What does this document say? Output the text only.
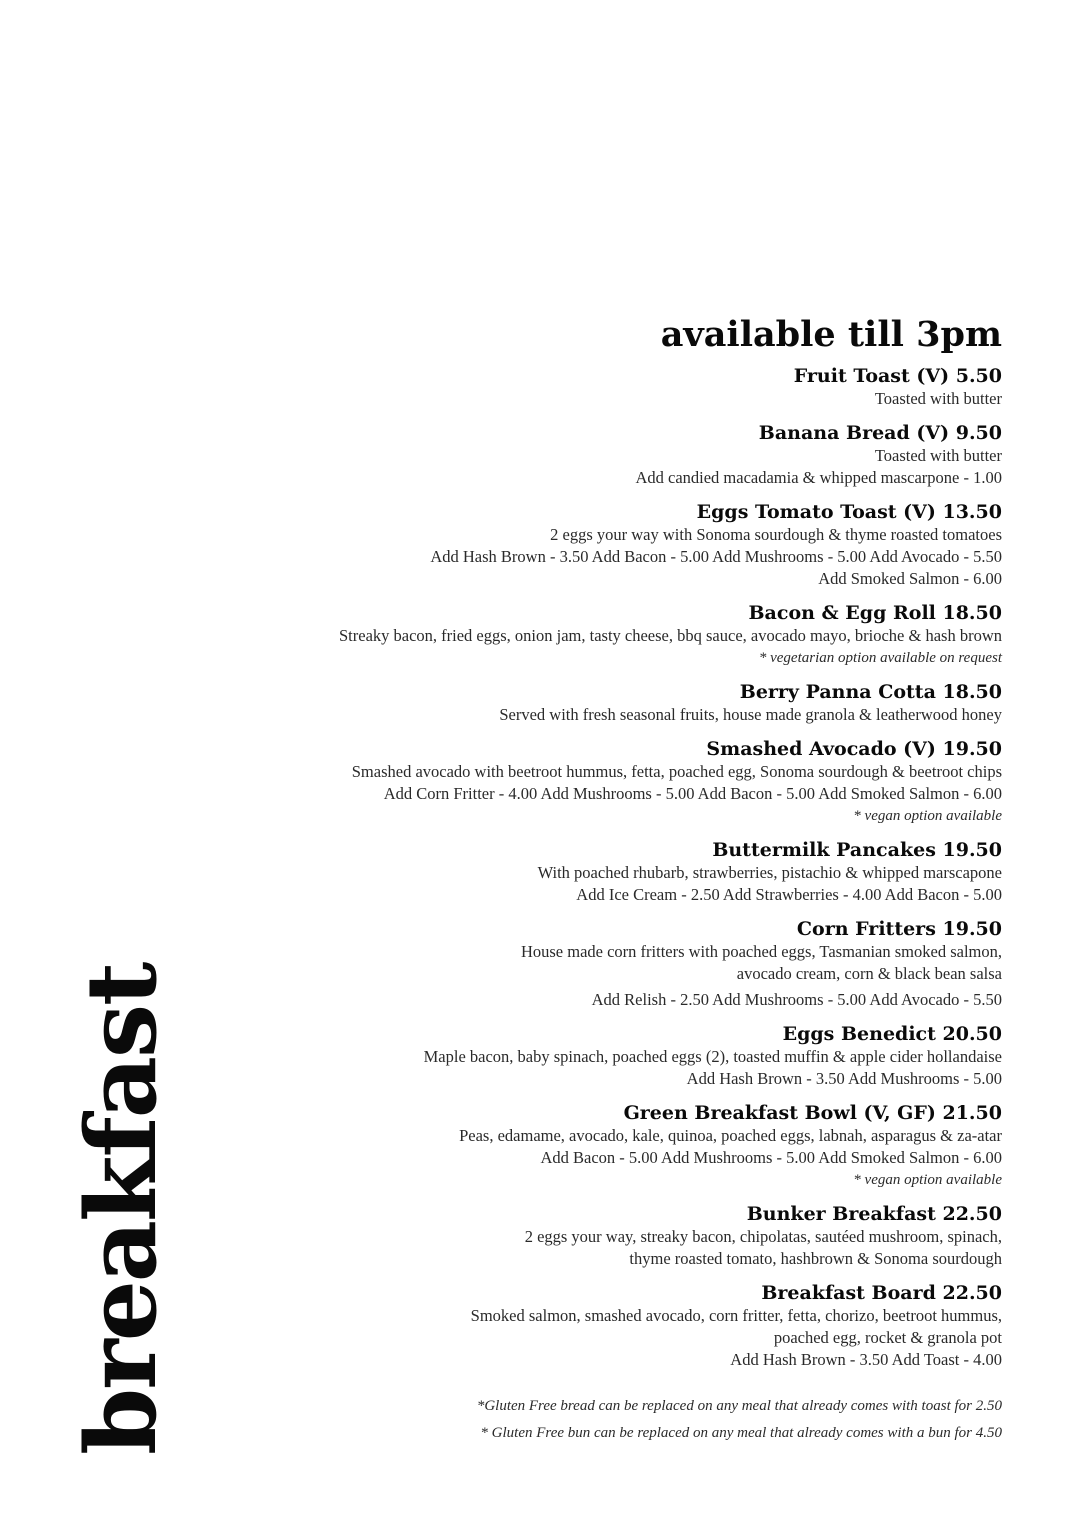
breakfast
available till 3pm
Fruit Toast (V) 5.50
Toasted with butter
Banana Bread (V) 9.50
Toasted with butter
Add candied macadamia & whipped mascarpone - 1.00
Eggs Tomato Toast (V) 13.50
2 eggs your way with Sonoma sourdough & thyme roasted tomatoes
Add Hash Brown - 3.50 Add Bacon - 5.00 Add Mushrooms - 5.00 Add Avocado - 5.50
Add Smoked Salmon - 6.00
Bacon & Egg Roll 18.50
Streaky bacon, fried eggs, onion jam, tasty cheese, bbq sauce, avocado mayo, brioche & hash brown
* vegetarian option available on request
Berry Panna Cotta 18.50
Served with fresh seasonal fruits, house made granola & leatherwood honey
Smashed Avocado (V) 19.50
Smashed avocado with beetroot hummus, fetta, poached egg, Sonoma sourdough & beetroot chips
Add Corn Fritter - 4.00 Add Mushrooms - 5.00 Add Bacon - 5.00 Add Smoked Salmon - 6.00
* vegan option available
Buttermilk Pancakes 19.50
With poached rhubarb, strawberries, pistachio & whipped marscapone
Add Ice Cream - 2.50 Add Strawberries - 4.00 Add Bacon - 5.00
Corn Fritters 19.50
House made corn fritters with poached eggs, Tasmanian smoked salmon,
avocado cream, corn & black bean salsa
Add Relish - 2.50 Add Mushrooms - 5.00 Add Avocado - 5.50
Eggs Benedict 20.50
Maple bacon, baby spinach, poached eggs (2), toasted muffin & apple cider hollandaise
Add Hash Brown - 3.50 Add Mushrooms - 5.00
Green Breakfast Bowl (V, GF) 21.50
Peas, edamame, avocado, kale, quinoa, poached eggs, labnah, asparagus & za-atar
Add Bacon - 5.00 Add Mushrooms - 5.00 Add Smoked Salmon - 6.00
* vegan option available
Bunker Breakfast 22.50
2 eggs your way, streaky bacon, chipolatas, sautéed mushroom, spinach,
thyme roasted tomato, hashbrown & Sonoma sourdough
Breakfast Board 22.50
Smoked salmon, smashed avocado, corn fritter, fetta, chorizo, beetroot hummus,
poached egg, rocket & granola pot
Add Hash Brown - 3.50 Add Toast - 4.00
*Gluten Free bread can be replaced on any meal that already comes with toast for 2.50
* Gluten Free bun can be replaced on any meal that already comes with a bun for 4.50
